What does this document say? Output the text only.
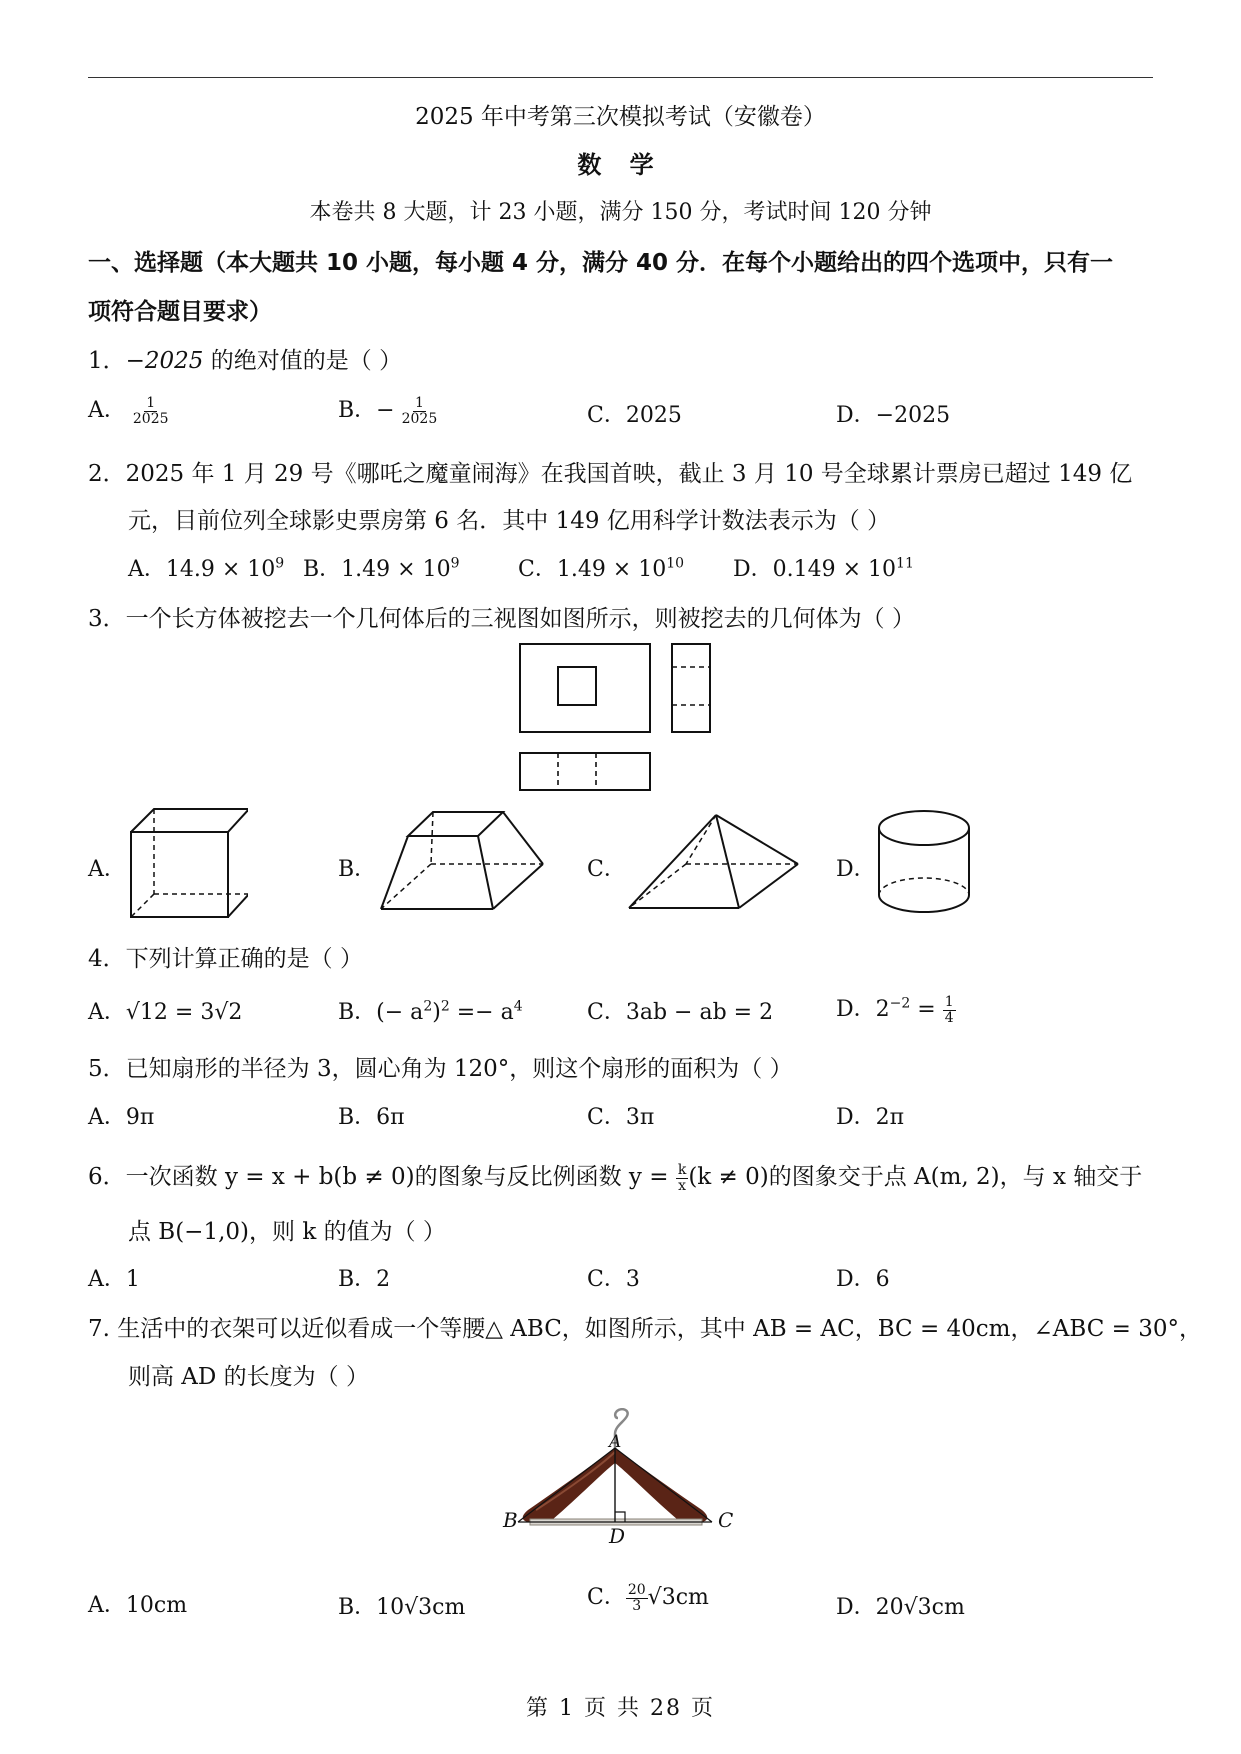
2025 年中考第三次模拟考试（安徽卷）
数 学
本卷共 8 大题，计 23 小题，满分 150 分，考试时间 120 分钟
一、选择题（本大题共 10 小题，每小题 4 分，满分 40 分．在每个小题给出的四个选项中，只有一
项符合题目要求）
1．−2025 的绝对值的是（ ）
A． $\frac{1}{2025}$	B．− $\frac{1}{2025}$	C．2025	D．−2025
2．2025 年 1 月 29 号《哪吒之魔童闹海》在我国首映，截止 3 月 10 号全球累计票房已超过 149 亿
元，目前位列全球影史票房第 6 名．其中 149 亿用科学计数法表示为（ ）
A．$14.9 \times 10^9$ B．$1.49 \times 10^9$	C．$1.49 \times 10^{10}$ D．$0.149 \times 10^{11}$
3．一个长方体被挖去一个几何体后的三视图如图所示，则被挖去的几何体为（ ）
A．	B．	C．	D．
4．下列计算正确的是（ ）
A．√12 = 3√2	B．(− $a^2)^2 =- a^4$	C．3ab − ab = 2	D．$2^{-2} = \frac{1}{4}$
5．已知扇形的半径为 3，圆心角为 120°，则这个扇形的面积为（ ）
A．9π	B．6π	C．3π	D．2π
6．一次函数 y = x + b(b ≠ 0)的图象与反比例函数 $y = \frac{k}{x} (k \ne 0)$的图象交于点 A(m, 2)，与 x 轴交于
点 B(−1,0)，则 k 的值为（ ）
A．1	B．2	C．3	D．6
7. 生活中的衣架可以近似看成一个等腰△ ABC，如图所示，其中 AB = AC，BC = 40cm，∠ABC = 30°，
则高 AD 的长度为（ ）
A
B	C
D
A．10cm	B．10√3cm	C． $\frac{20}{3} √3cm$	D．20√3cm
第 1 页 共 28 页
